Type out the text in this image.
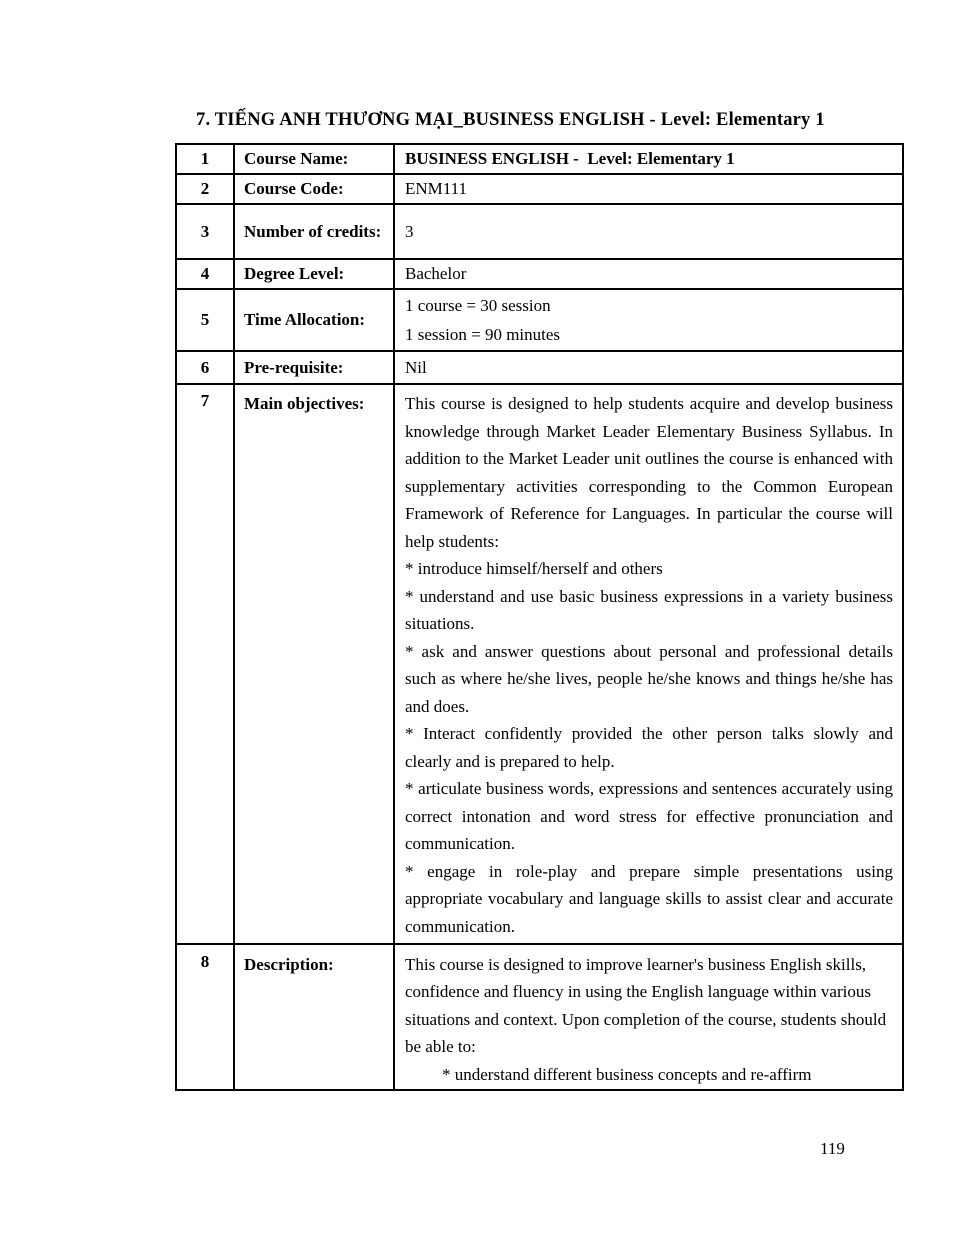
7. TIẾNG ANH THƯƠNG MẠI_BUSINESS ENGLISH - Level: Elementary 1
1	Course Name:	BUSINESS ENGLISH -  Level: Elementary 1
2	Course Code:	ENM111
3	Number of credits:	3
4	Degree Level:	Bachelor
5	Time Allocation:	1 course = 30 session
1 session = 90 minutes

6	Pre-requisite:	Nil
7	Main objectives:	This course is designed to help students acquire and develop business knowledge through Market Leader Elementary Business Syllabus. In addition to the Market Leader unit outlines the course is enhanced with supplementary activities corresponding to the Common European Framework of Reference for Languages. In particular the course will help students:
* introduce himself/herself and others
* understand and use basic business expressions in a variety business situations.
* ask and answer questions about personal and professional details such as where he/she lives, people he/she knows and things he/she has and does.
* Interact confidently provided the other person talks slowly and clearly and is prepared to help.
* articulate business words, expressions and sentences accurately using correct intonation and word stress for effective pronunciation and communication.
* engage in role-play and prepare simple presentations using appropriate vocabulary and language skills to assist clear and accurate communication.

8	Description:	This course is designed to improve learner's business English skills, confidence and fluency in using the English language within various situations and context. Upon completion of the course, students should be able to:
* understand different business concepts and re-affirm
119
